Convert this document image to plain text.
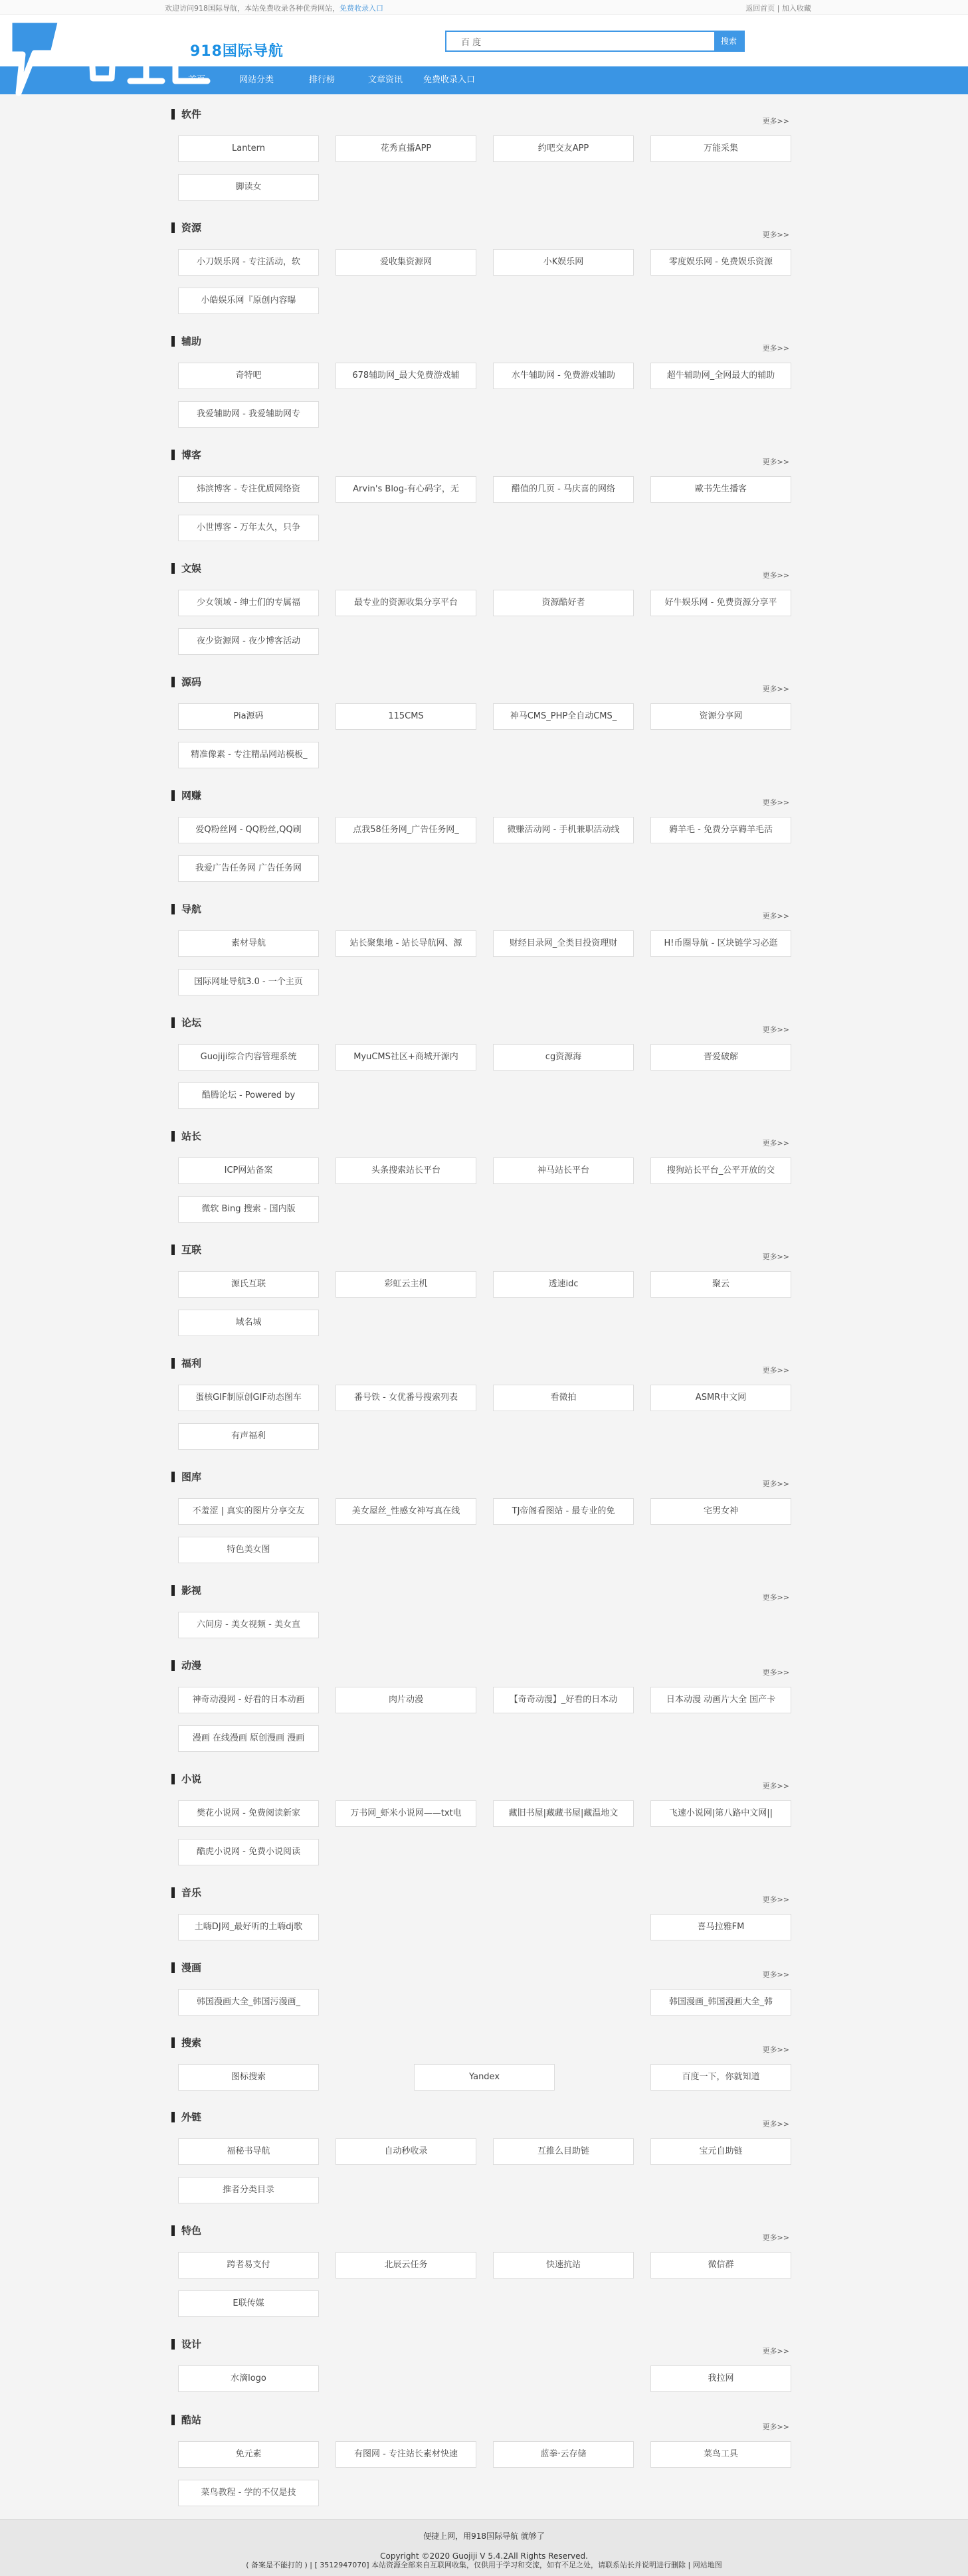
欢迎访问918国际导航，本站免费收录各种优秀网站，免费收录入口	返回首页 | 加入收藏
918国际导航
百 度
搜索
首页	网站分类	排行榜	文章资讯 免费收录入口
软件
更多>>
Lantern	花秀直播APP	约吧交友APP	万能采集
脚读女
资源
更多>>
小刀娱乐网 - 专注活动，软	爱收集资源网	小K娱乐网	零度娱乐网 - 免费娱乐资源
小皓娱乐网『原创内容曝
辅助
更多>>
奇特吧	678辅助网_最大免费游戏辅	水牛辅助网 - 免费游戏辅助	超牛辅助网_全网最大的辅助
我爱辅助网 - 我爱辅助网专
博客
更多>>
炜滨博客 - 专注优质网络资	Arvin's Blog-有心码字，无	醋值的几页 - 马庆喜的网络	歐书先生播客
小世博客 - 万年太久，只争
文娱
更多>>
少女领域 - 绅士们的专属福	最专业的资源收集分享平台	资源酷好者	好牛娱乐网 - 免费资源分享平
夜少资源网 - 夜少博客活动
源码
更多>>
Pia源码	115CMS	神马CMS_PHP全自动CMS_	资源分享网
精准像素 - 专注精品网站模板_
网赚
更多>>
爱Q粉丝网 - QQ粉丝,QQ刷	点我58任务网_广告任务网_	微赚活动网 - 手机兼职活动线	薅羊毛 - 免费分享薅羊毛活
我爱广告任务网 广告任务网
导航
更多>>
素材导航	站长聚集地 - 站长导航网、源	财经目录网_全类目投资理财	H!币圈导航 - 区块链学习必逛
国际网址导航3.0 - 一个主页
论坛
更多>>
Guojiji综合内容管理系统	MyuCMS社区+商城开源内	cg资源海	晋爱破解
酷腾论坛 - Powered by
站长
更多>>
ICP网站备案	头条搜索站长平台	神马站长平台	搜狗站长平台_公平开放的交
微软 Bing 搜索 - 国内版
互联
更多>>
源氏互联	彩虹云主机	透速idc	聚云
域名城
福利
更多>>
蛋核GIF制原创GIF动态图车	番号铁 - 女优番号搜索列表	看微拍	ASMR中文网
有声福利
图库
更多>>
不羞涩 | 真实的图片分享交友	美女屋丝_性感女神写真在线	TJ帝阁看图站 - 最专业的免	宅男女神
特色美女图
影视
更多>>
六间房 - 美女视频 - 美女直
动漫
更多>>
神奇动漫网 - 好看的日本动画	肉片动漫	【奇奇动漫】_好看的日本动	日本动漫 动画片大全 国产卡
漫画 在线漫画 原创漫画 漫画
小说
更多>>
樊花小说网 - 免费阅读新家	万书网_虾米小说网——txt电	藏旧书屋|藏藏书屋|藏温地文	飞速小说网|第八路中文网||
酷虎小说网 - 免费小说阅读
音乐
更多>>
土嗨DJ网_最好听的土嗨dj歌	喜马拉雅FM
漫画
更多>>
韩国漫画大全_韩国污漫画_	韩国漫画_韩国漫画大全_韩
搜索
更多>>
图标搜索	Yandex	百度一下，你就知道
外链
更多>>
福秘书导航	自动秒收录	互推么目助链	宝元自助链
推者分类目录
特色
更多>>
跨者易支付	北辰云任务	快速抗站	微信群
E联传媒
设计
更多>>
水滴logo	我拉网
酷站
更多>>
免元素	有图网 - 专注站长素材快速	蓝拳·云存储	菜鸟工具
菜鸟教程 - 学的不仅是技
便捷上网，用918国际导航 就够了
Copyright ©2020 Guojiji V 5.4.2All Rights Reserved.
( 备案是不能打的 ) | [ 3512947070] 本站资源全部来自互联网收集，仅供用于学习和交流，如有不足之处，请联系站长并说明进行删除 | 网站地图
